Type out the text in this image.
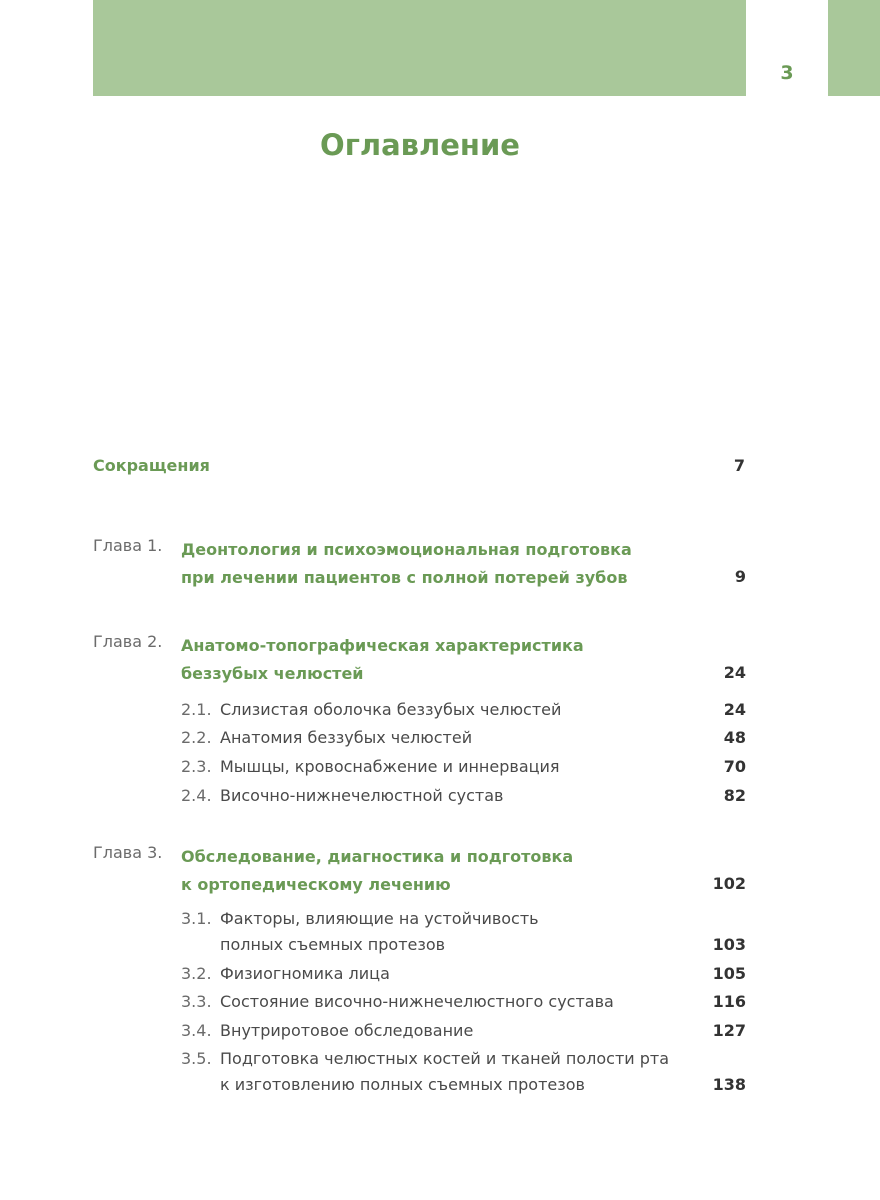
3
Оглавление
Сокращения	7
Глава 1. Деонтология и психоэмоциональная подготовка
при лечении пациентов с полной потерей зубов	9
Глава 2. Анатомо-топографическая характеристика
беззубых челюстей	24
2.1. Слизистая оболочка беззубых челюстей	24
2.2. Анатомия беззубых челюстей	48
2.3. Мышцы, кровоснабжение и иннервация	70
2.4. Височно-нижнечелюстной сустав	82
Глава 3. Обследование, диагностика и подготовка
к ортопедическому лечению	102
3.1. Факторы, влияющие на устойчивость
полных съемных протезов	103
3.2. Физиогномика лица	105
3.3. Состояние височно-нижнечелюстного сустава	116
3.4. Внутриротовое обследование	127
3.5. Подготовка челюстных костей и тканей полости рта
к изготовлению полных съемных протезов	138
